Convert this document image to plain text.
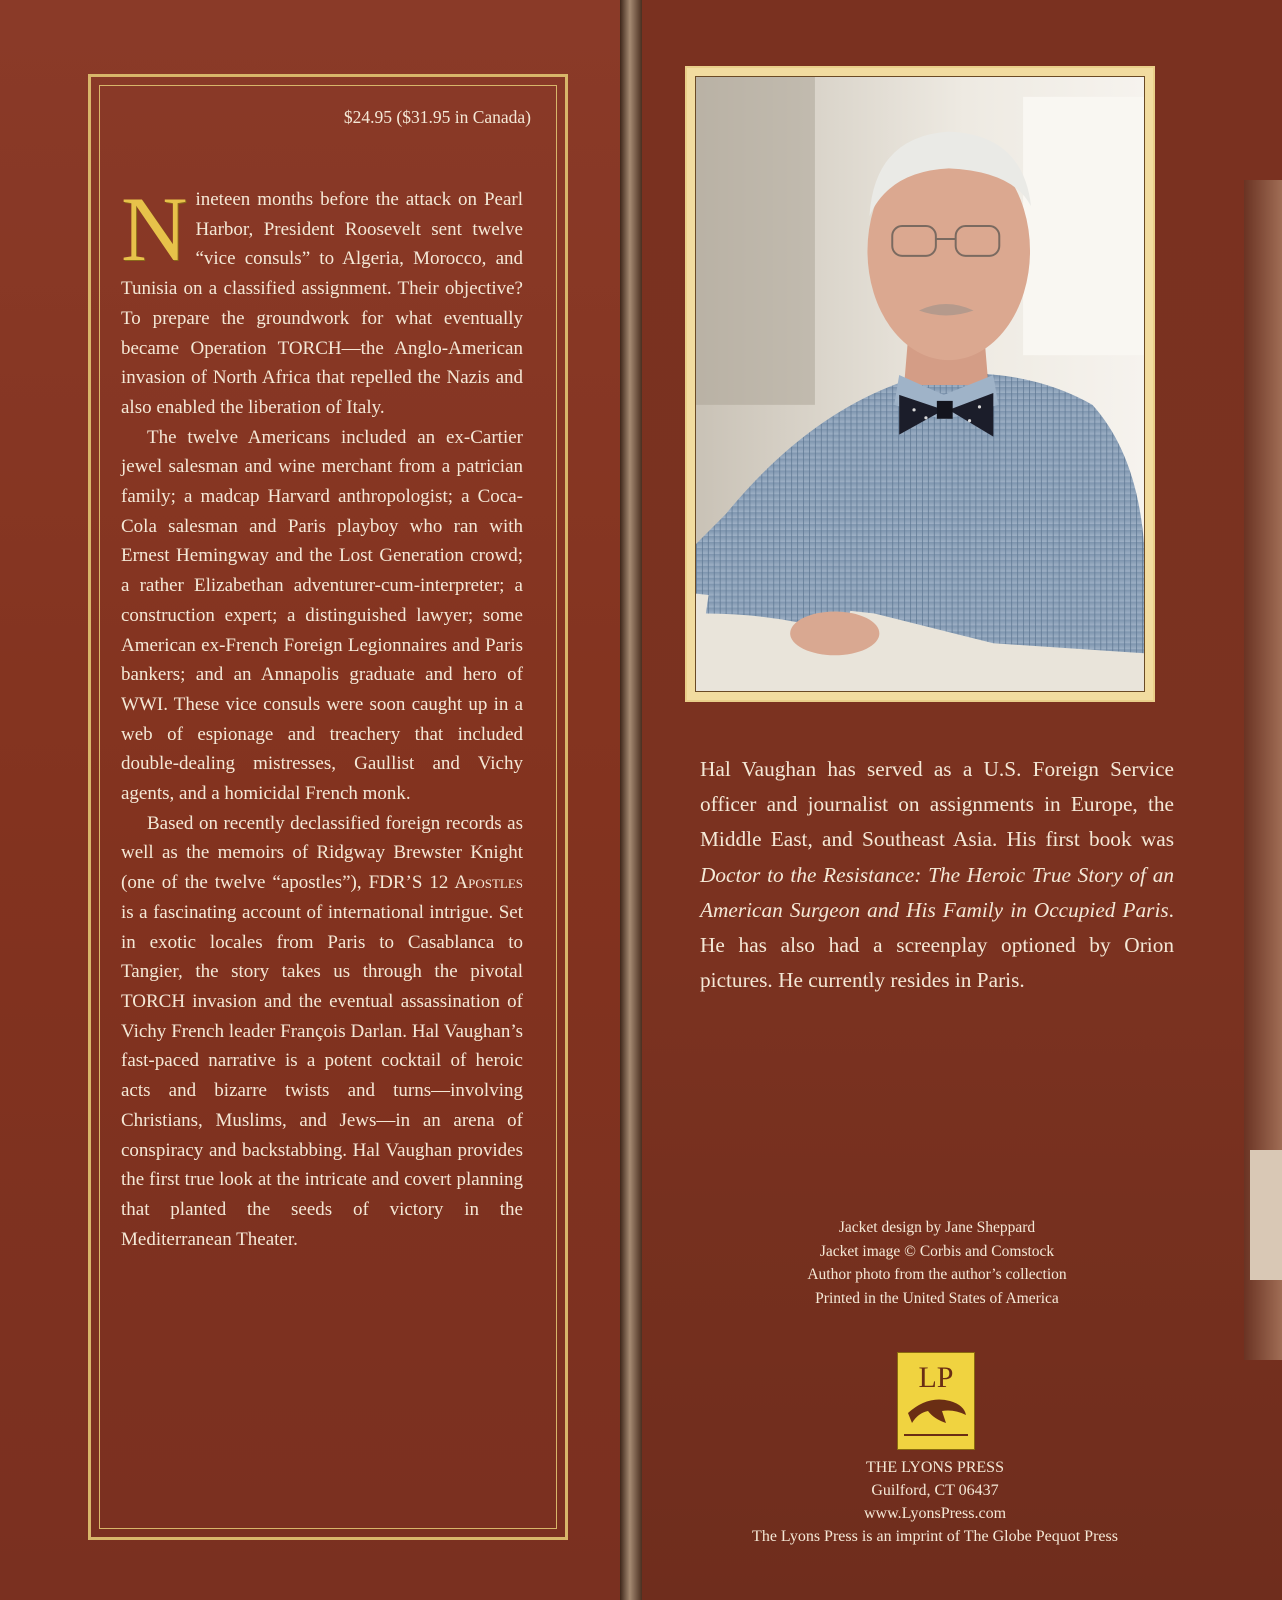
$24.95 ($31.95 in Canada)

Nineteen months before the attack on Pearl Harbor, President Roosevelt sent twelve “vice consuls” to Algeria, Morocco, and Tunisia on a classified assignment. Their objective? To prepare the groundwork for what eventually became Operation TORCH—the Anglo-American invasion of North Africa that repelled the Nazis and also enabled the liberation of Italy.

The twelve Americans included an ex-Cartier jewel salesman and wine merchant from a patrician family; a madcap Harvard anthropologist; a Coca-Cola salesman and Paris playboy who ran with Ernest Hemingway and the Lost Generation crowd; a rather Elizabethan adventurer-cum-interpreter; a construction expert; a distinguished lawyer; some American ex-French Foreign Legionnaires and Paris bankers; and an Annapolis graduate and hero of WWI. These vice consuls were soon caught up in a web of espionage and treachery that included double-dealing mistresses, Gaullist and Vichy agents, and a homicidal French monk.

Based on recently declassified foreign records as well as the memoirs of Ridgway Brewster Knight (one of the twelve “apostles”), FDR’S 12 Apostles is a fascinating account of international intrigue. Set in exotic locales from Paris to Casablanca to Tangier, the story takes us through the pivotal TORCH invasion and the eventual assassination of Vichy French leader François Darlan. Hal Vaughan’s fast-paced narrative is a potent cocktail of heroic acts and bizarre twists and turns—involving Christians, Muslims, and Jews—in an arena of conspiracy and backstabbing. Hal Vaughan provides the first true look at the intricate and covert planning that planted the seeds of victory in the Mediterranean Theater.

Hal Vaughan has served as a U.S. Foreign Service officer and journalist on assignments in Europe, the Middle East, and Southeast Asia. His first book was Doctor to the Resistance: The Heroic True Story of an American Surgeon and His Family in Occupied Paris. He has also had a screenplay optioned by Orion pictures. He currently resides in Paris.

Jacket design by Jane Sheppard
Jacket image © Corbis and Comstock
Author photo from the author’s collection
Printed in the United States of America
LP
THE LYONS PRESS
Guilford, CT 06437
www.LyonsPress.com
The Lyons Press is an imprint of The Globe Pequot Press
